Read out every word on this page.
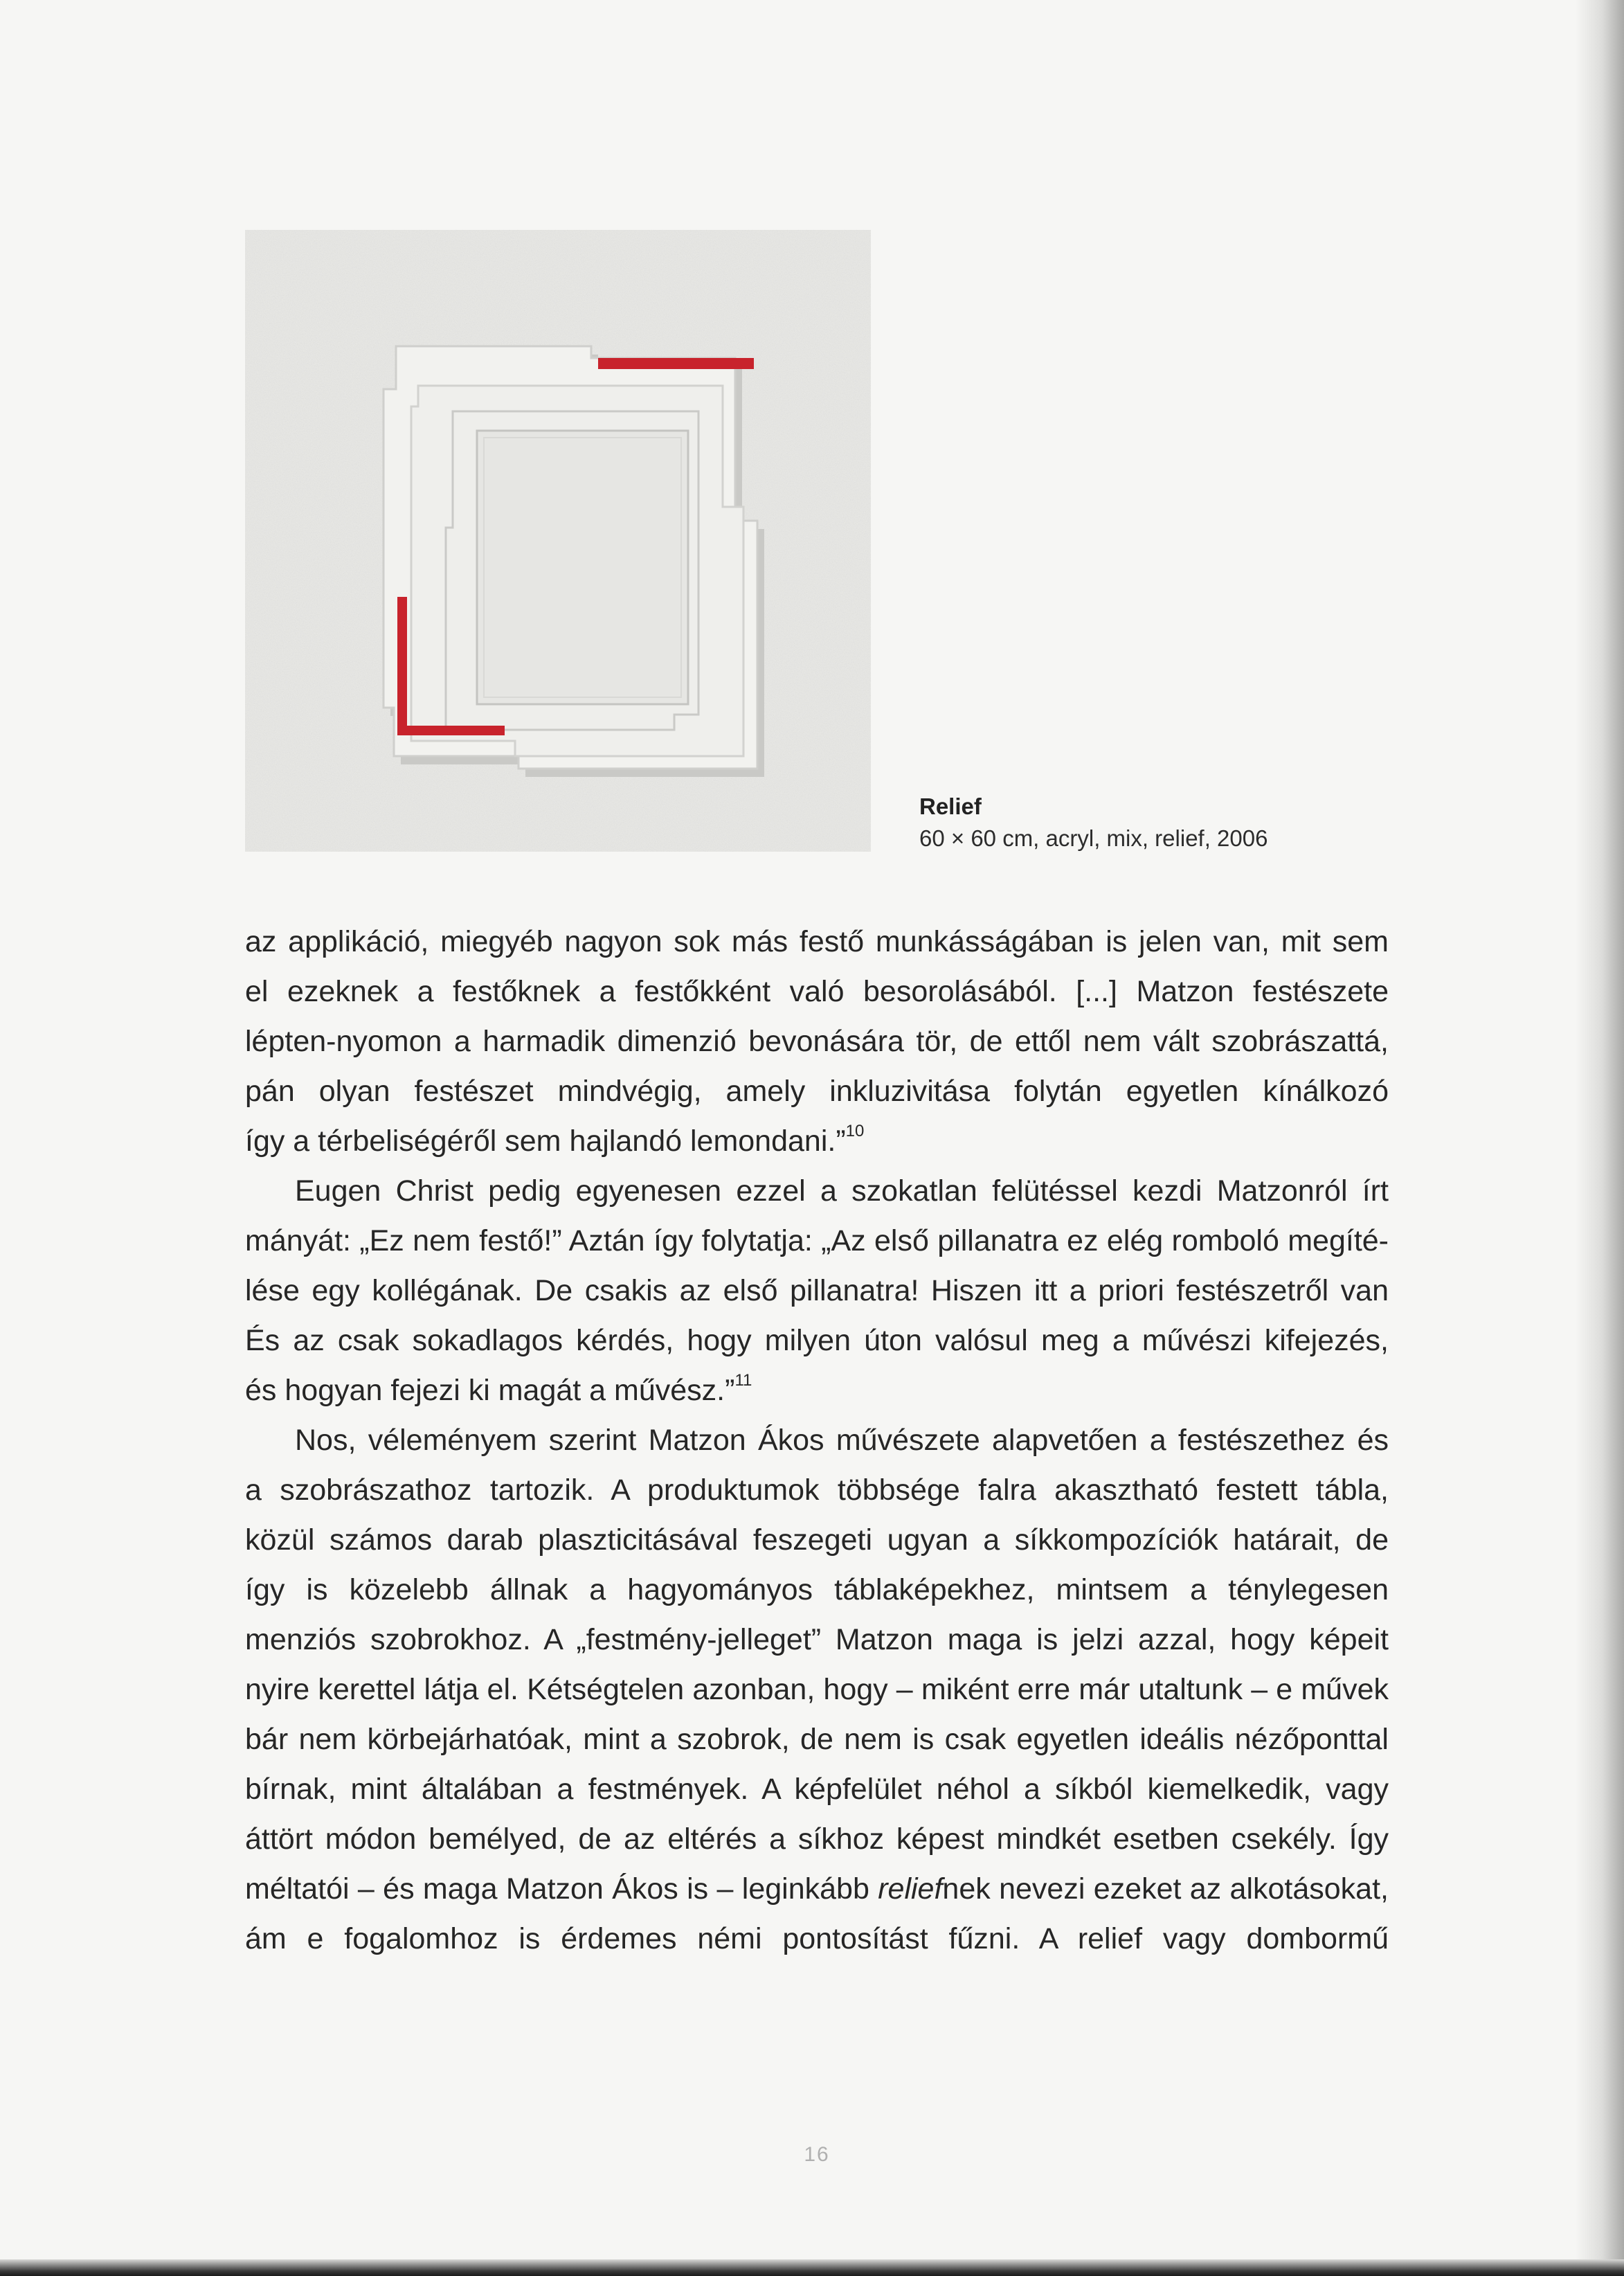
Relief
60 × 60 cm, acryl, mix, relief, 2006
az applikáció, miegyéb nagyon sok más festő munkásságában is jelen van, mit sem
el ezeknek a festőknek a festőkként való besorolásából. [...] Matzon festészete
lépten-nyomon a harmadik dimenzió bevonására tör, de ettől nem vált szobrászattá,
pán olyan festészet mindvégig, amely inkluzivitása folytán egyetlen kínálkozó
így a térbeliségéről sem hajlandó lemondani.”$^{10}$
Eugen Christ pedig egyenesen ezzel a szokatlan felütéssel kezdi Matzonról írt
mányát: „Ez nem festő!” Aztán így folytatja: „Az első pillanatra ez elég romboló megíté-
lése egy kollégának. De csakis az első pillanatra! Hiszen itt a priori festészetről van
És az csak sokadlagos kérdés, hogy milyen úton valósul meg a művészi kifejezés,
és hogyan fejezi ki magát a művész.”$^{11}$
Nos, véleményem szerint Matzon Ákos művészete alapvetően a festészethez és
a szobrászathoz tartozik. A produktumok többsége falra akasztható festett tábla,
közül számos darab plaszticitásával feszegeti ugyan a síkkompozíciók határait, de
így is közelebb állnak a hagyományos táblaképekhez, mintsem a ténylegesen
menziós szobrokhoz. A „festmény-jelleget” Matzon maga is jelzi azzal, hogy képeit
nyire kerettel látja el. Kétségtelen azonban, hogy – miként erre már utaltunk – e művek
bár nem körbejárhatóak, mint a szobrok, de nem is csak egyetlen ideális nézőponttal
bírnak, mint általában a festmények. A képfelület néhol a síkból kiemelkedik, vagy
áttört módon bemélyed, de az eltérés a síkhoz képest mindkét esetben csekély. Így
méltatói – és maga Matzon Ákos is – leginkább reliefnek nevezi ezeket az alkotásokat,
ám e fogalomhoz is érdemes némi pontosítást fűzni. A relief vagy dombormű
16
